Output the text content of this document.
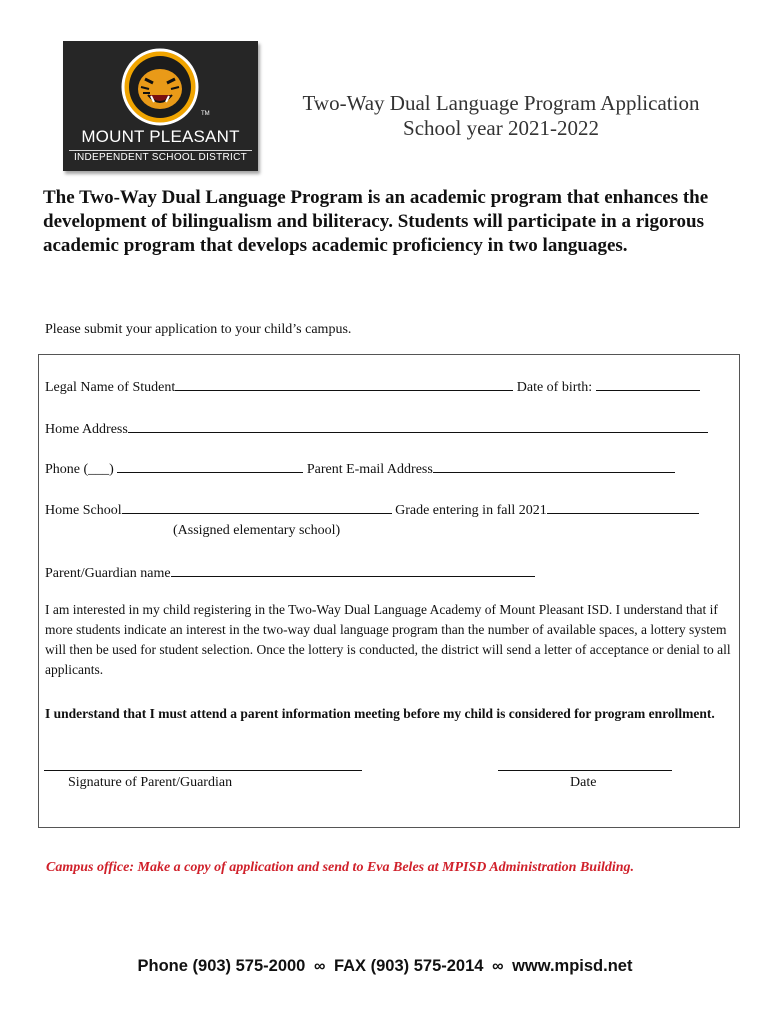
TM
MOUNT PLEASANT
INDEPENDENT SCHOOL DISTRICT
Two-Way Dual Language Program Application
School year 2021-2022
The Two-Way Dual Language Program is an academic program that enhances the development of bilingualism and biliteracy. Students will participate in a rigorous academic program that develops academic proficiency in two languages.
Please submit your application to your child’s campus.
Legal Name of Student	Date of birth:
Home Address
Phone (___)	Parent E-mail Address
Home School	Grade entering in fall 2021
(Assigned elementary school)
Parent/Guardian name
I am interested in my child registering in the Two-Way Dual Language Academy of Mount Pleasant ISD. I understand that if more students indicate an interest in the two-way dual language program than the number of available spaces, a lottery system will then be used for student selection. Once the lottery is conducted, the district will send a letter of acceptance or denial to all applicants.
I understand that I must attend a parent information meeting before my child is considered for program enrollment.
Signature of Parent/Guardian	Date
Campus office: Make a copy of application and send to Eva Beles at MPISD Administration Building.
Phone (903) 575-2000 ∞ FAX (903) 575-2014 ∞ www.mpisd.net
